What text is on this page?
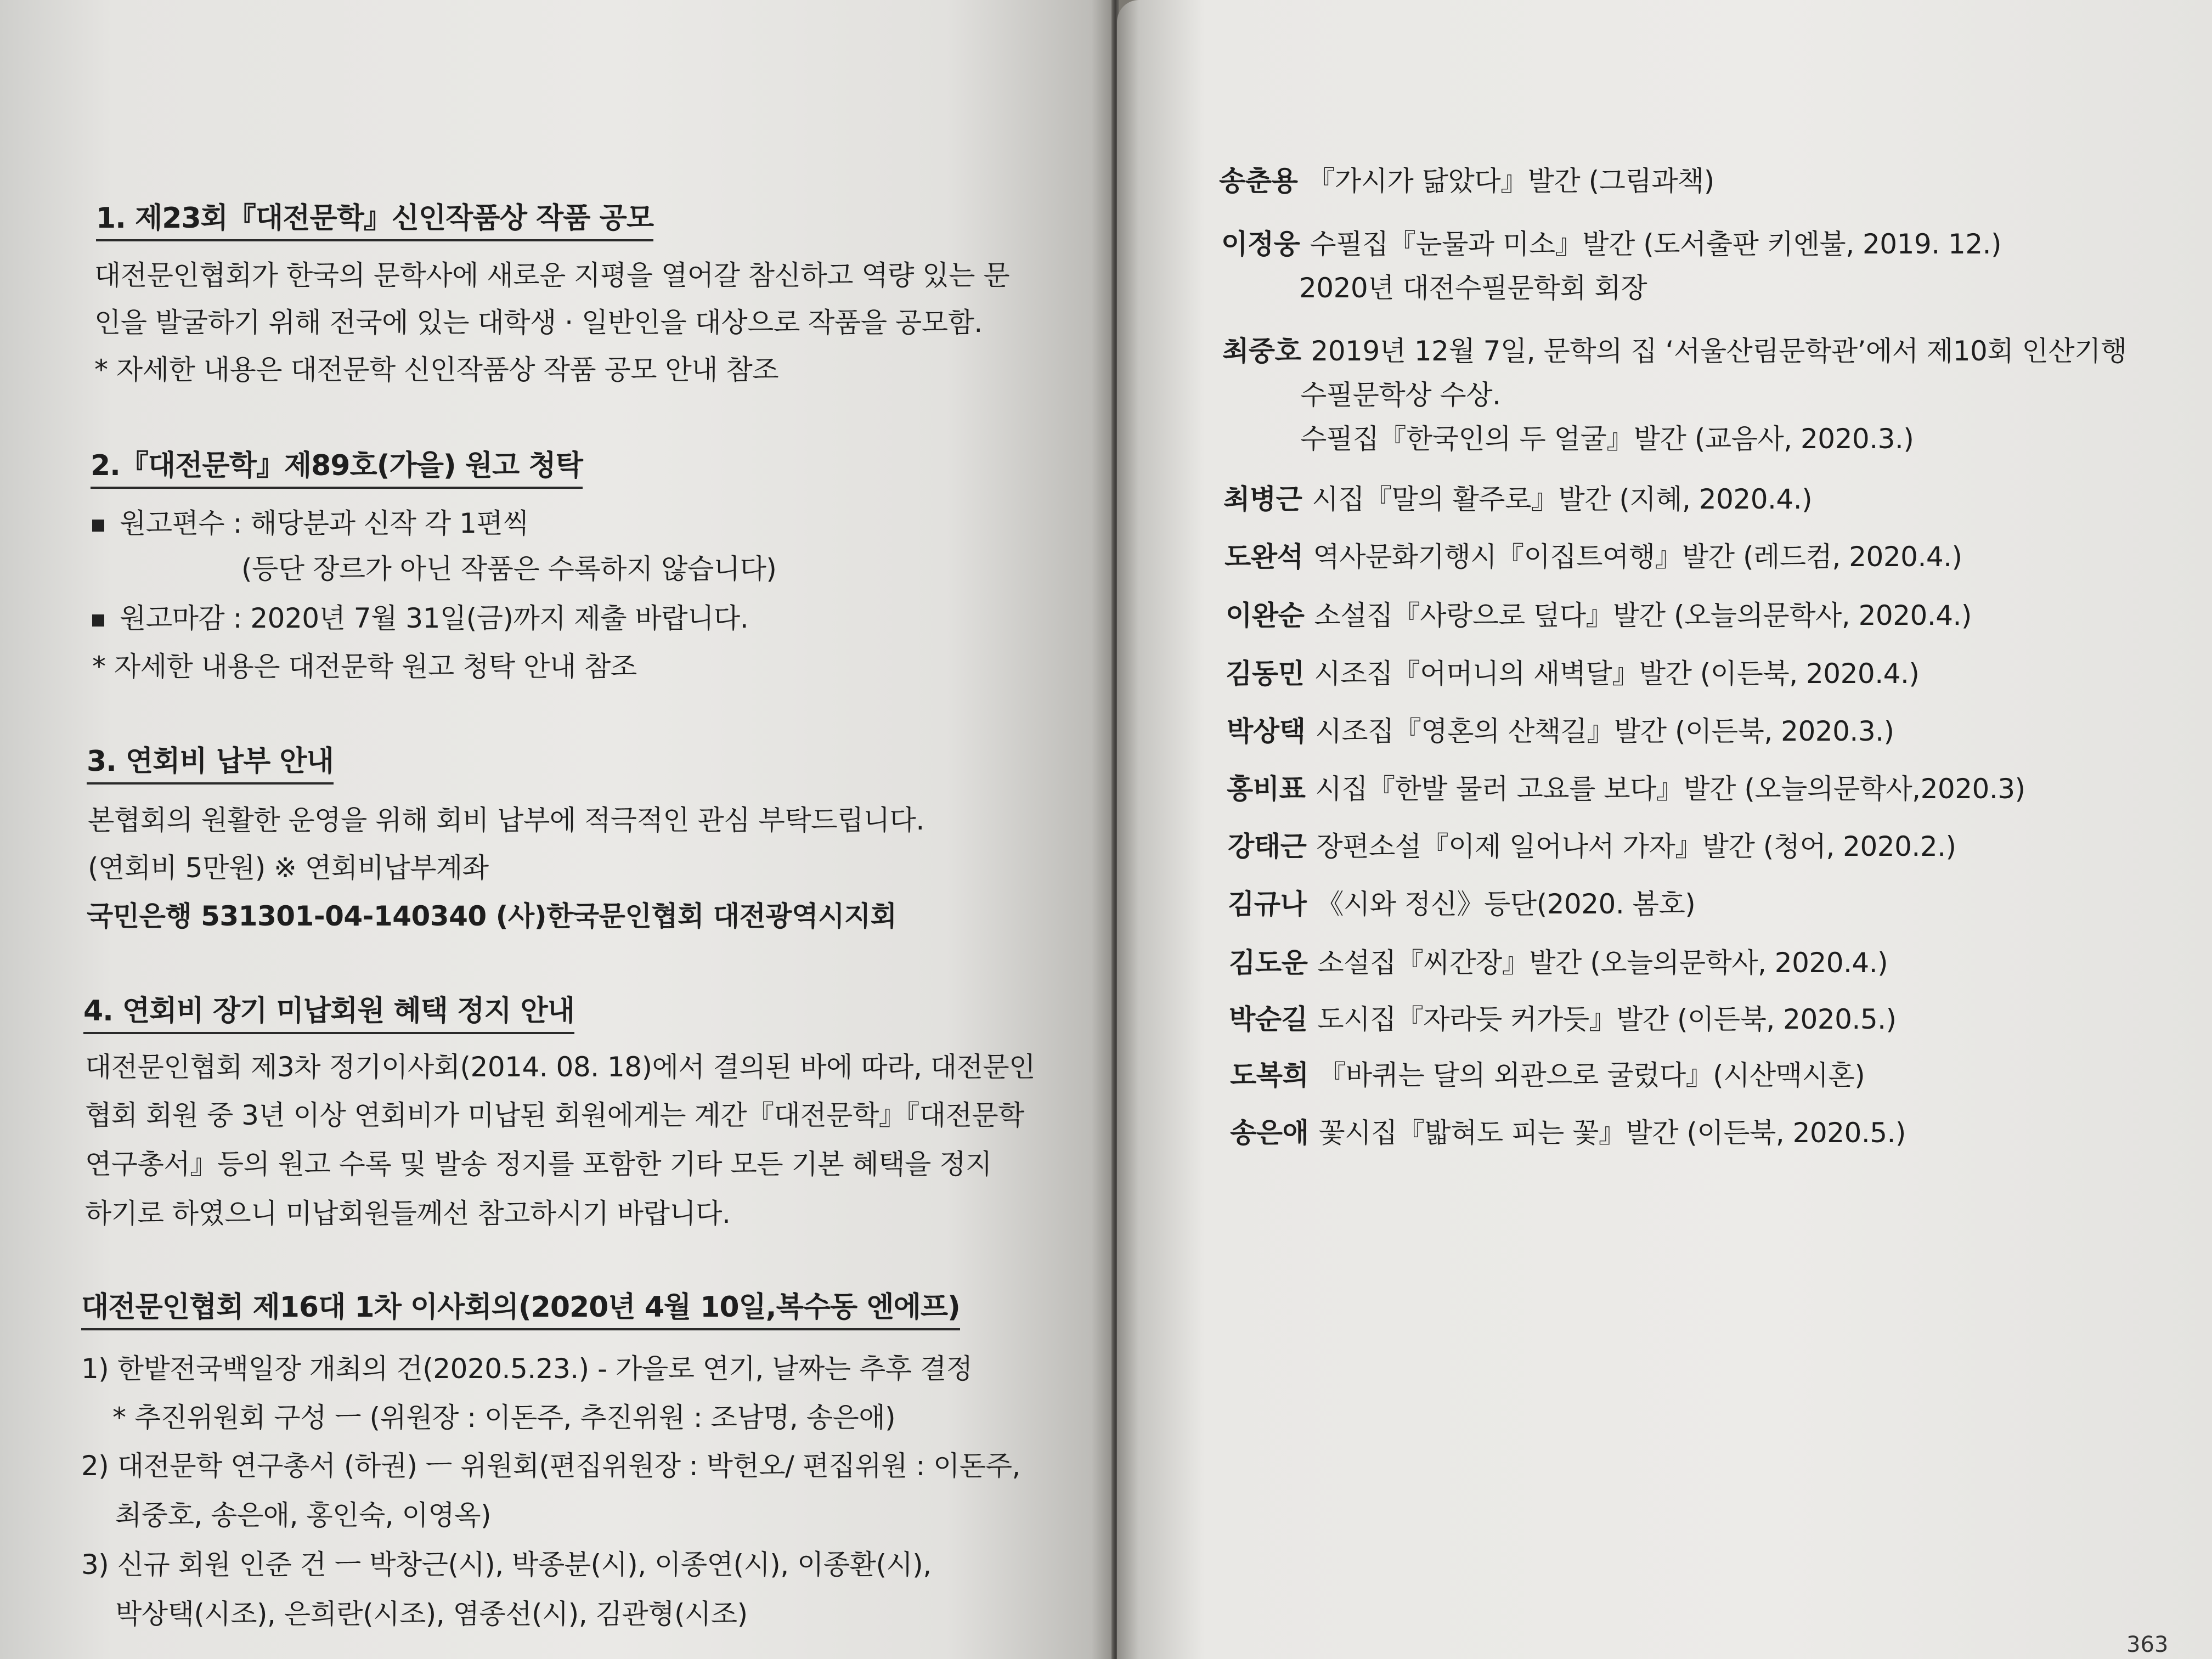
1. 제23회『대전문학』신인작품상 작품 공모
대전문인협회가 한국의 문학사에 새로운 지평을 열어갈 참신하고 역량 있는 문
인을 발굴하기 위해 전국에 있는 대학생 · 일반인을 대상으로 작품을 공모함.
* 자세한 내용은 대전문학 신인작품상 작품 공모 안내 참조
2.『대전문학』제89호(가을) 원고 청탁
원고편수 : 해당분과 신작 각 1편씩
(등단 장르가 아닌 작품은 수록하지 않습니다)
원고마감 : 2020년 7월 31일(금)까지 제출 바랍니다.
* 자세한 내용은 대전문학 원고 청탁 안내 참조
3. 연회비 납부 안내
본협회의 원활한 운영을 위해 회비 납부에 적극적인 관심 부탁드립니다.
(연회비 5만원) ※ 연회비납부계좌
국민은행 531301-04-140340 (사)한국문인협회 대전광역시지회
4. 연회비 장기 미납회원 혜택 정지 안내
대전문인협회 제3차 정기이사회(2014. 08. 18)에서 결의된 바에 따라, 대전문인
협회 회원 중 3년 이상 연회비가 미납된 회원에게는 계간『대전문학』『대전문학
연구총서』등의 원고 수록 및 발송 정지를 포함한 기타 모든 기본 혜택을 정지
하기로 하였으니 미납회원들께선 참고하시기 바랍니다.
대전문인협회 제16대 1차 이사회의(2020년 4월 10일,복수동 엔에프)
1) 한밭전국백일장 개최의 건(2020.5.23.) - 가을로 연기, 날짜는 추후 결정
* 추진위원회 구성 ㅡ (위원장 : 이돈주, 추진위원 : 조남명, 송은애)
2) 대전문학 연구총서 (하권) ㅡ 위원회(편집위원장 : 박헌오/ 편집위원 : 이돈주,
최중호, 송은애, 홍인숙, 이영옥)
3) 신규 회원 인준 건 ㅡ 박창근(시), 박종분(시), 이종연(시), 이종환(시),
박상택(시조), 은희란(시조), 염종선(시), 김관형(시조)
송춘용 『가시가 닮았다』발간 (그림과책)
이정웅 수필집『눈물과 미소』발간 (도서출판 키엔불, 2019. 12.)
2020년 대전수필문학회 회장
최중호 2019년 12월 7일, 문학의 집 ‘서울산림문학관’에서 제10회 인산기행
수필문학상 수상.
수필집『한국인의 두 얼굴』발간 (교음사, 2020.3.)
최병근 시집『말의 활주로』발간 (지혜, 2020.4.)
도완석 역사문화기행시『이집트여행』발간 (레드컴, 2020.4.)
이완순 소설집『사랑으로 덮다』발간 (오늘의문학사, 2020.4.)
김동민 시조집『어머니의 새벽달』발간 (이든북, 2020.4.)
박상택 시조집『영혼의 산책길』발간 (이든북, 2020.3.)
홍비표 시집『한발 물러 고요를 보다』발간 (오늘의문학사,2020.3)
강태근 장편소설『이제 일어나서 가자』발간 (청어, 2020.2.)
김규나 《시와 정신》등단(2020. 봄호)
김도운 소설집『씨간장』발간 (오늘의문학사, 2020.4.)
박순길 도시집『자라듯 커가듯』발간 (이든북, 2020.5.)
도복희 『바퀴는 달의 외관으로 굴렀다』(시산맥시혼)
송은애 꽃시집『밟혀도 피는 꽃』발간 (이든북, 2020.5.)
363
